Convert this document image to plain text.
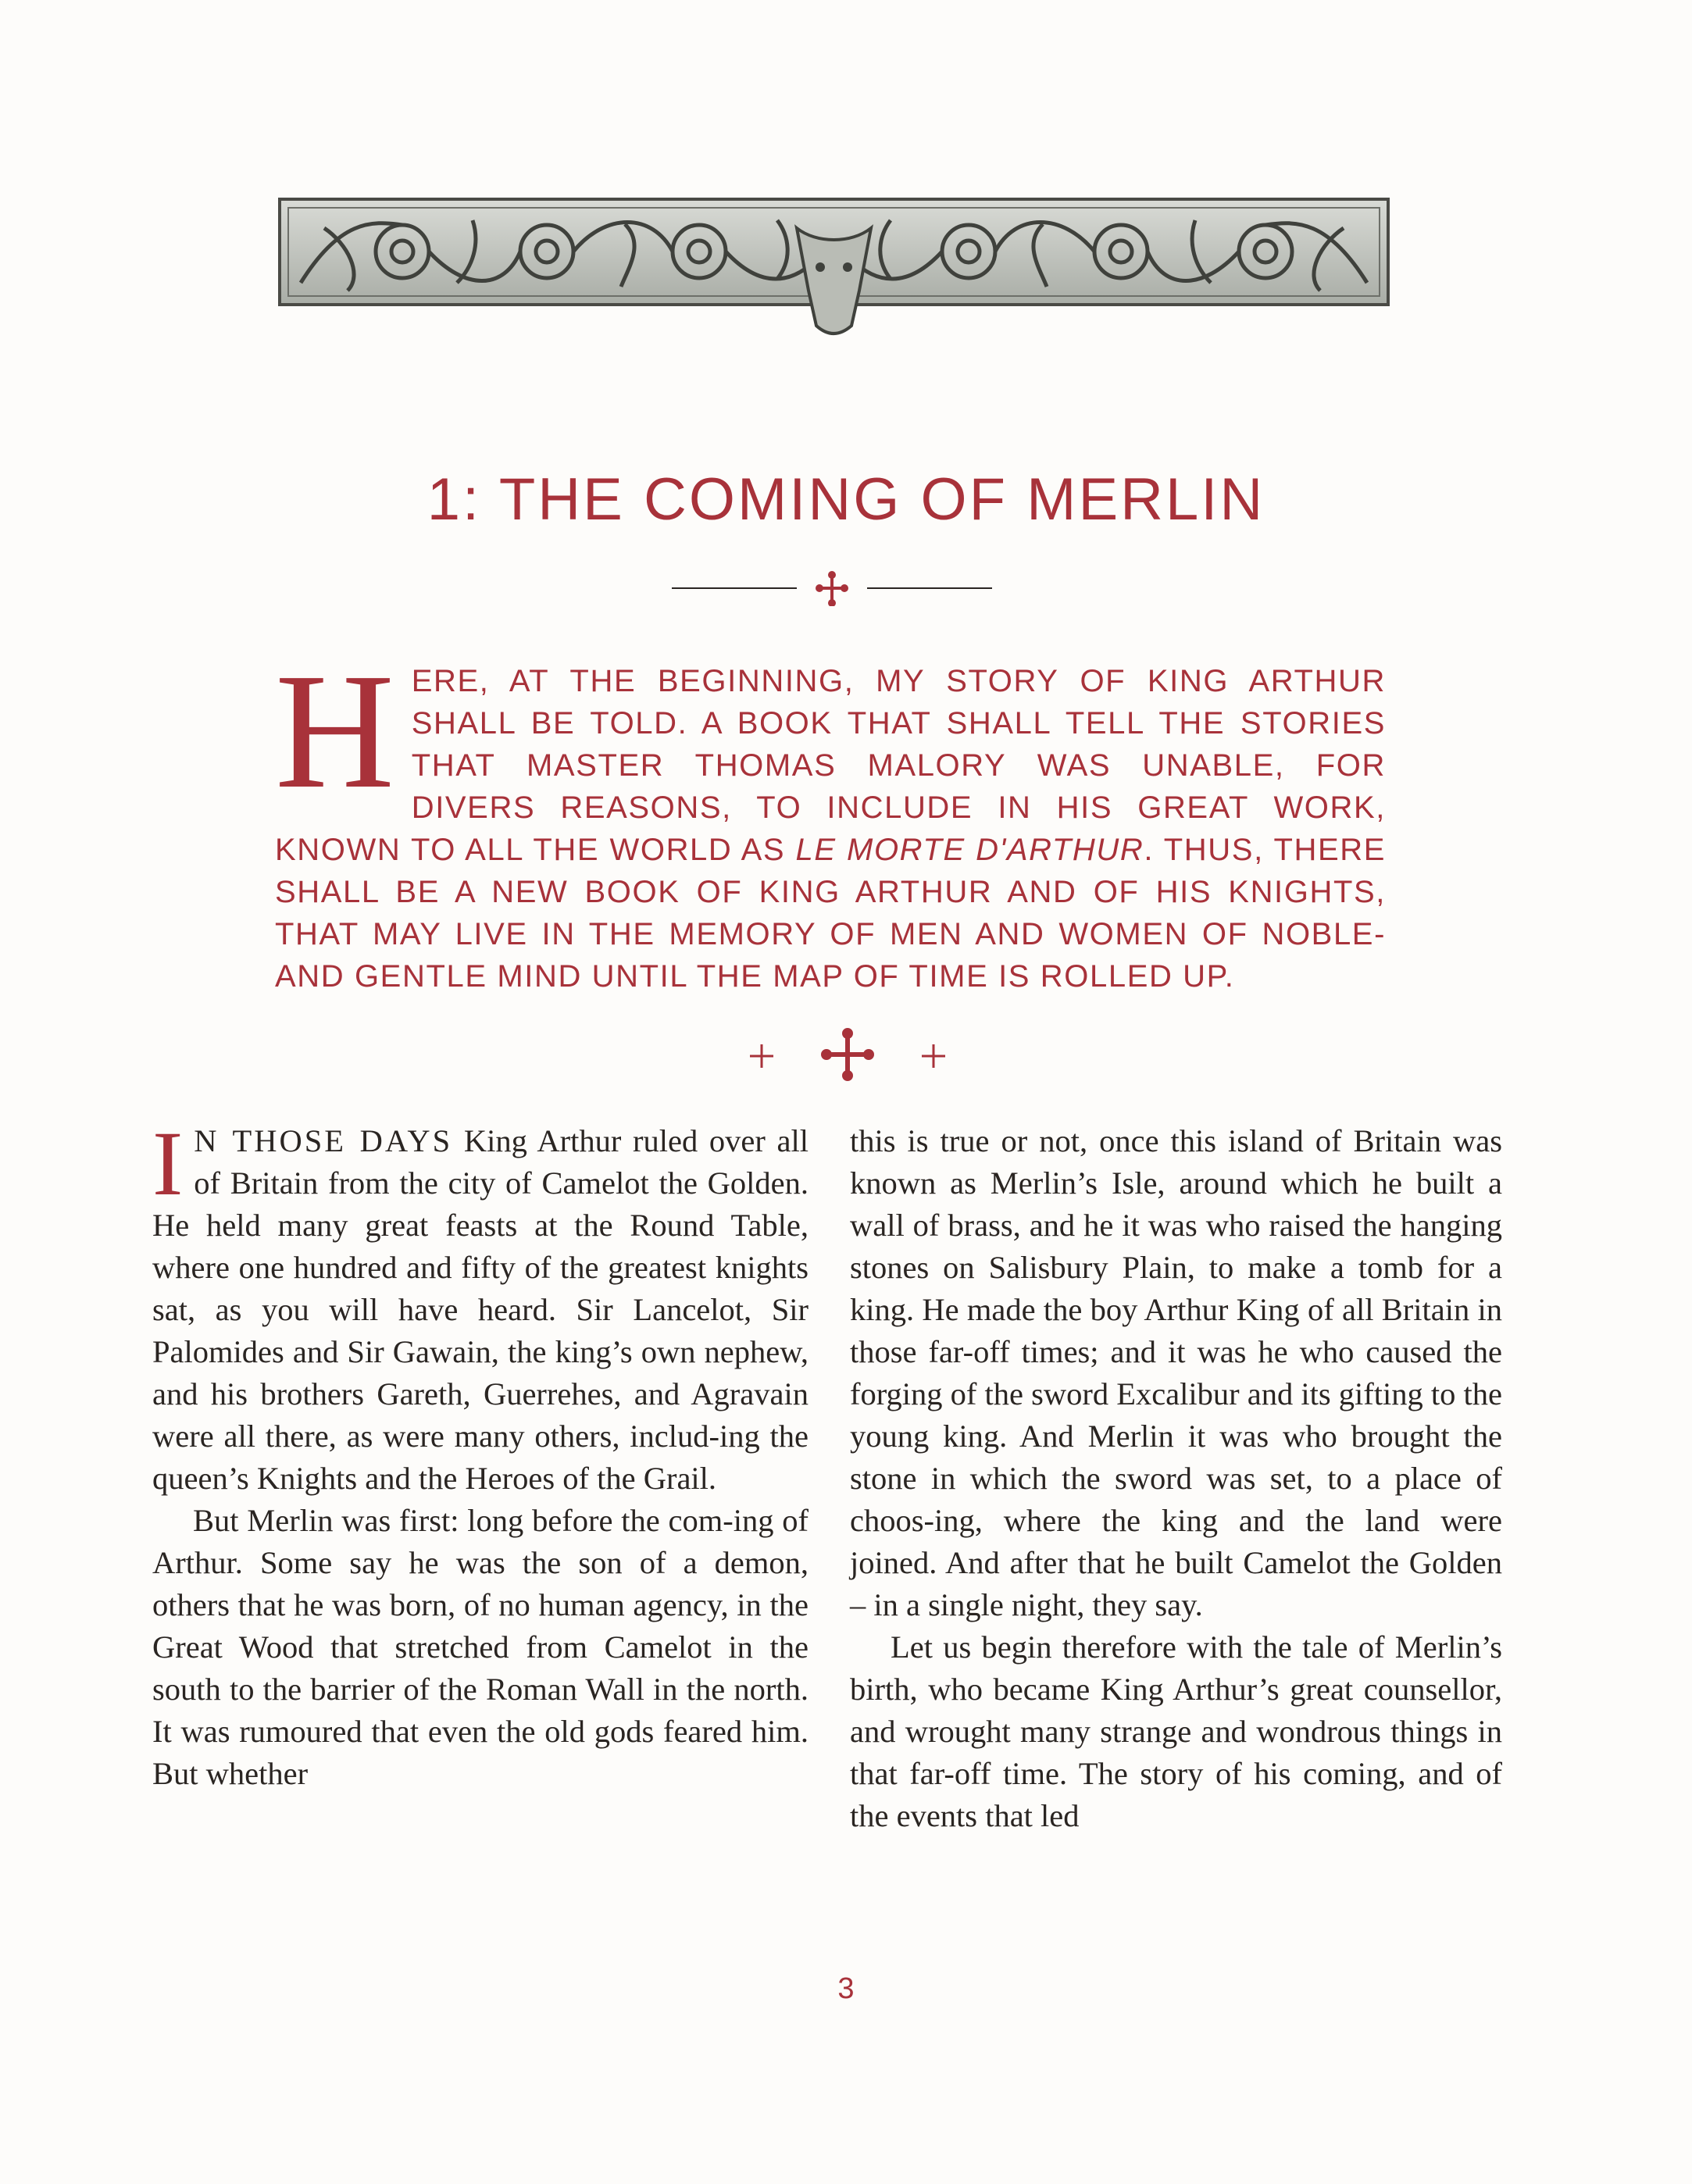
1: THE COMING OF MERLIN

HERE, AT THE BEGINNING, MY STORY OF KING ARTHUR SHALL BE TOLD. A BOOK THAT SHALL TELL THE STORIES THAT MASTER THOMAS MALORY WAS UNABLE, FOR DIVERS REASONS, TO INCLUDE IN HIS GREAT WORK, KNOWN TO ALL THE WORLD AS LE MORTE D'ARTHUR. THUS, THERE SHALL BE A NEW BOOK OF KING ARTHUR AND OF HIS KNIGHTS, THAT MAY LIVE IN THE MEMORY OF MEN AND WOMEN OF NOBLE-AND GENTLE MIND UNTIL THE MAP OF TIME IS ROLLED UP.

I N THOSE DAYS King Arthur ruled over all of Britain from the city of Camelot the Golden. He held many great feasts at the Round Table, where one hundred and fifty of the greatest knights sat, as you will have heard. Sir Lancelot, Sir Palomides and Sir Gawain, the king’s own nephew, and his brothers Gareth, Guerrehes, and Agravain were all there, as were many others, includ-ing the queen’s Knights and the Heroes of the Grail.

But Merlin was first: long before the com-ing of Arthur. Some say he was the son of a demon, others that he was born, of no human agency, in the Great Wood that stretched from Camelot in the south to the barrier of the Roman Wall in the north. It was rumoured that even the old gods feared him. But whether

this is true or not, once this island of Britain was known as Merlin’s Isle, around which he built a wall of brass, and he it was who raised the hanging stones on Salisbury Plain, to make a tomb for a king. He made the boy Arthur King of all Britain in those far-off times; and it was he who caused the forging of the sword Excalibur and its gifting to the young king. And Merlin it was who brought the stone in which the sword was set, to a place of choos-ing, where the king and the land were joined. And after that he built Camelot the Golden – in a single night, they say.

Let us begin therefore with the tale of Merlin’s birth, who became King Arthur’s great counsellor, and wrought many strange and wondrous things in that far-off time. The story of his coming, and of the events that led

3
